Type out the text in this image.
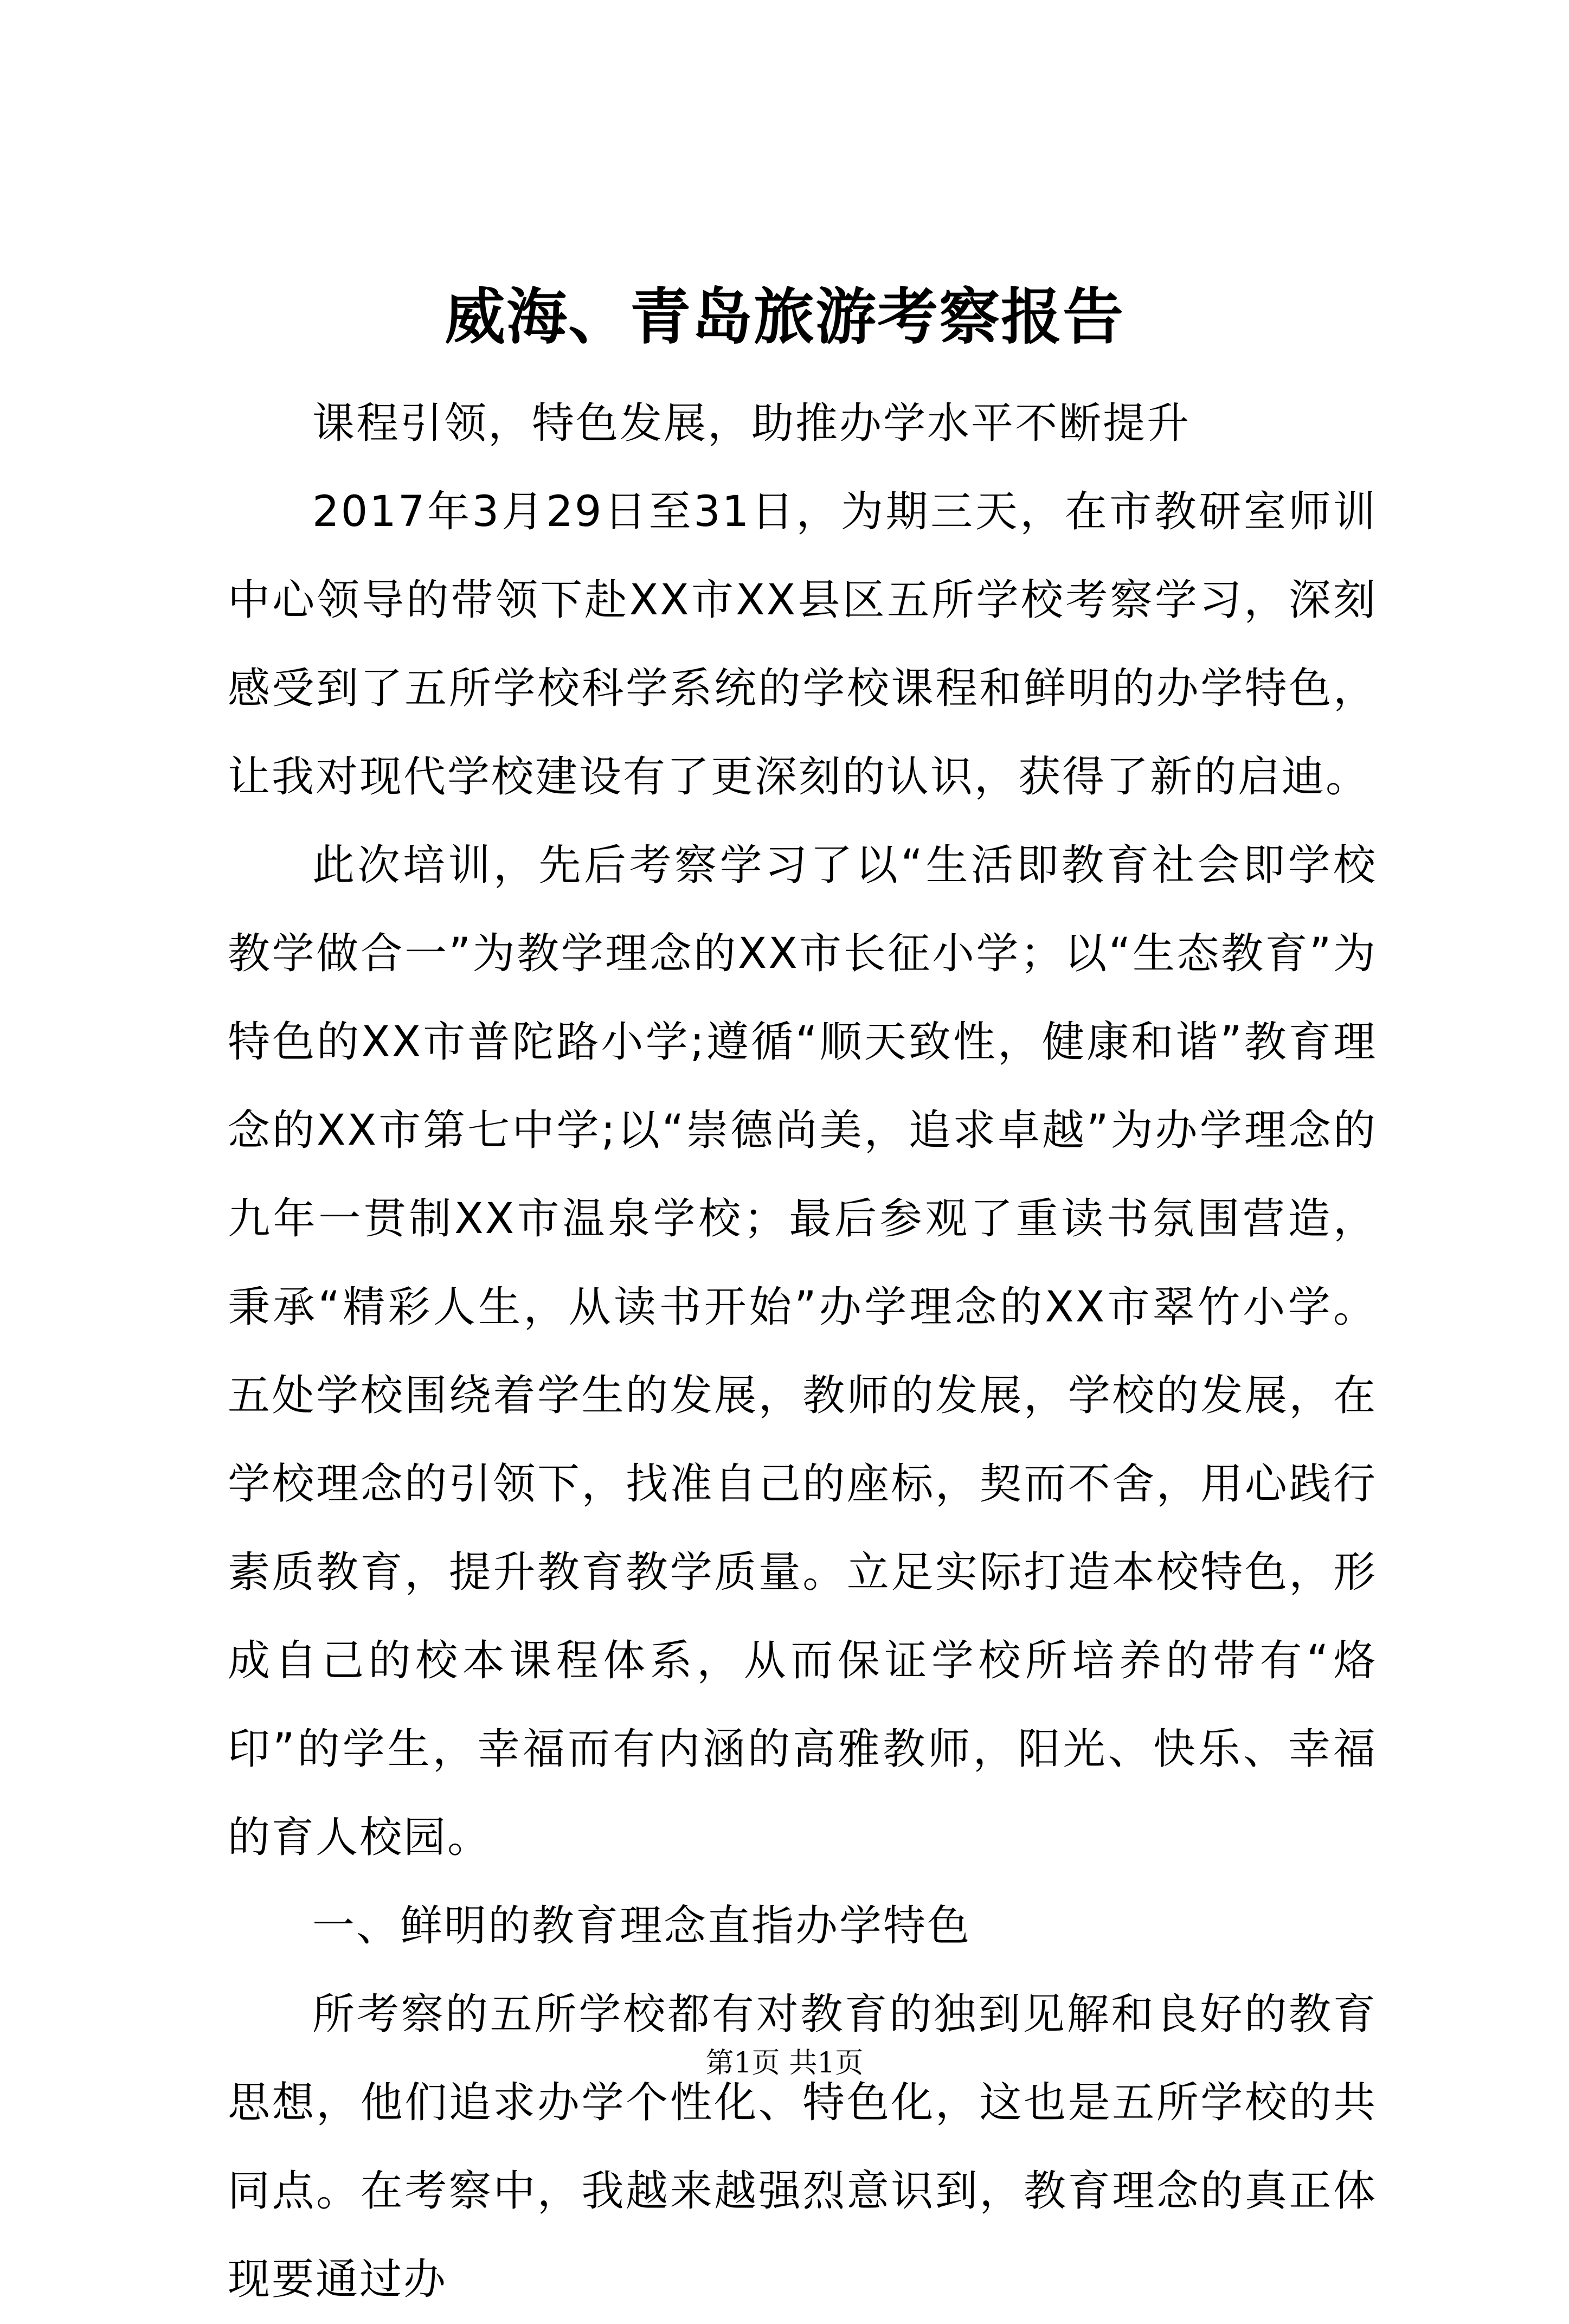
威海、青岛旅游考察报告

课程引领，特色发展，助推办学水平不断提升

2017年3月29日至31日，为期三天，在市教研室师训中心领导的带领下赴XX市XX县区五所学校考察学习，深刻感受到了五所学校科学系统的学校课程和鲜明的办学特色，让我对现代学校建设有了更深刻的认识，获得了新的启迪。

此次培训，先后考察学习了以“生活即教育社会即学校教学做合一”为教学理念的XX市长征小学；以“生态教育”为特色的XX市普陀路小学;遵循“顺天致性，健康和谐”教育理念的XX市第七中学;以“崇德尚美，追求卓越”为办学理念的九年一贯制XX市温泉学校；最后参观了重读书氛围营造，秉承“精彩人生，从读书开始”办学理念的XX市翠竹小学。五处学校围绕着学生的发展，教师的发展，学校的发展，在学校理念的引领下，找准自己的座标，契而不舍，用心践行素质教育，提升教育教学质量。立足实际打造本校特色，形成自己的校本课程体系，从而保证学校所培养的带有“烙印”的学生，幸福而有内涵的高雅教师，阳光、快乐、幸福的育人校园。

一、鲜明的教育理念直指办学特色

所考察的五所学校都有对教育的独到见解和良好的教育思想，他们追求办学个性化、特色化，这也是五所学校的共同点。在考察中，我越来越强烈意识到，教育理念的真正体现要通过办

第1页 共1页
